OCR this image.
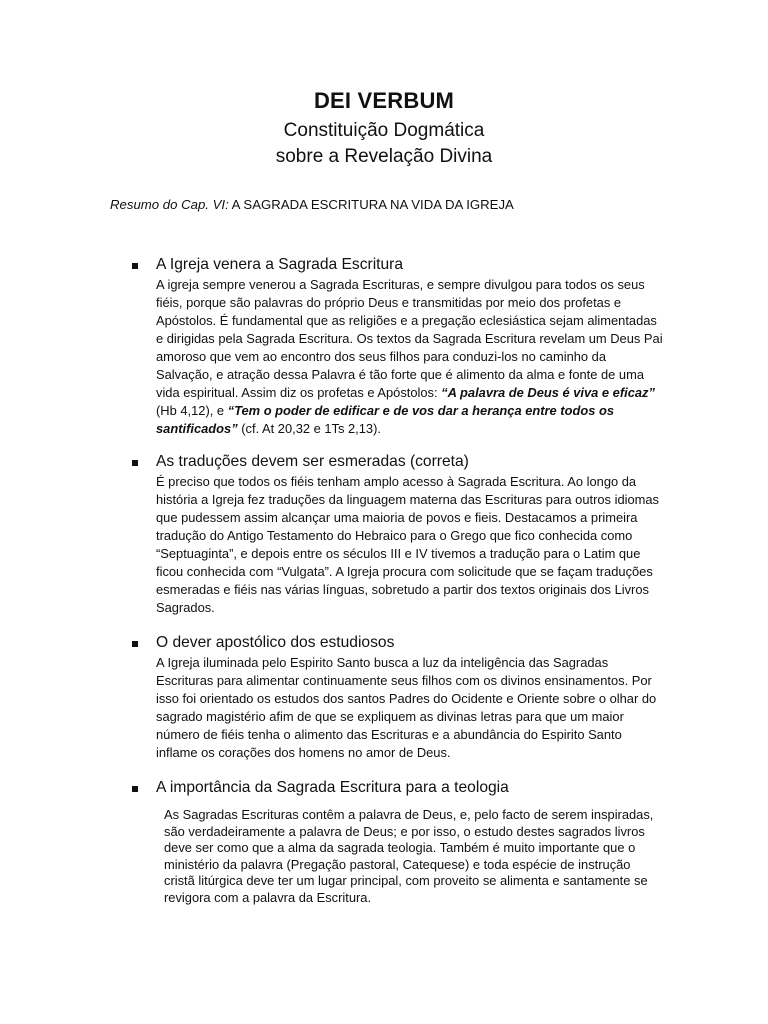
DEI VERBUM
Constituição Dogmática
sobre a Revelação Divina
Resumo do Cap. VI: A SAGRADA ESCRITURA NA VIDA DA IGREJA
A Igreja venera a Sagrada Escritura
A igreja sempre venerou a Sagrada Escrituras, e sempre divulgou para todos os seus fiéis, porque são palavras do próprio Deus e transmitidas por meio dos profetas e Apóstolos. É fundamental que as religiões e a pregação eclesiástica sejam alimentadas e dirigidas pela Sagrada Escritura. Os textos da Sagrada Escritura revelam um Deus Pai amoroso que vem ao encontro dos seus filhos para conduzi-los no caminho da Salvação, e atração dessa Palavra é tão forte que é alimento da alma e fonte de uma vida espiritual. Assim diz os profetas e Apóstolos: “A palavra de Deus é viva e eficaz” (Hb 4,12), e “Tem o poder de edificar e de vos dar a herança entre todos os santificados” (cf. At 20,32 e 1Ts 2,13).
As traduções devem ser esmeradas (correta)
É preciso que todos os fiéis tenham amplo acesso à Sagrada Escritura. Ao longo da história a Igreja fez traduções da linguagem materna das Escrituras para outros idiomas que pudessem assim alcançar uma maioria de povos e fieis. Destacamos a primeira tradução do Antigo Testamento do Hebraico para o Grego que fico conhecida como “Septuaginta”, e depois entre os séculos III e IV tivemos a tradução para o Latim que ficou conhecida com “Vulgata”. A Igreja procura com solicitude que se façam traduções esmeradas e fiéis nas várias línguas, sobretudo a partir dos textos originais dos Livros Sagrados.
O dever apostólico dos estudiosos
A Igreja iluminada pelo Espirito Santo busca a luz da inteligência das Sagradas Escrituras para alimentar continuamente seus filhos com os divinos ensinamentos. Por isso foi orientado os estudos dos santos Padres do Ocidente e Oriente sobre o olhar do sagrado magistério afim de que se expliquem as divinas letras para que um maior número de fiéis tenha o alimento das Escrituras e a abundância do Espirito Santo inflame os corações dos homens no amor de Deus.
A importância da Sagrada Escritura para a teologia
As Sagradas Escrituras contêm a palavra de Deus, e, pelo facto de serem inspiradas, são verdadeiramente a palavra de Deus; e por isso, o estudo destes sagrados livros deve ser como que a alma da sagrada teologia. Também é muito importante que o ministério da palavra (Pregação pastoral, Catequese) e toda espécie de instrução cristã litúrgica deve ter um lugar principal, com proveito se alimenta e santamente se revigora com a palavra da Escritura.
